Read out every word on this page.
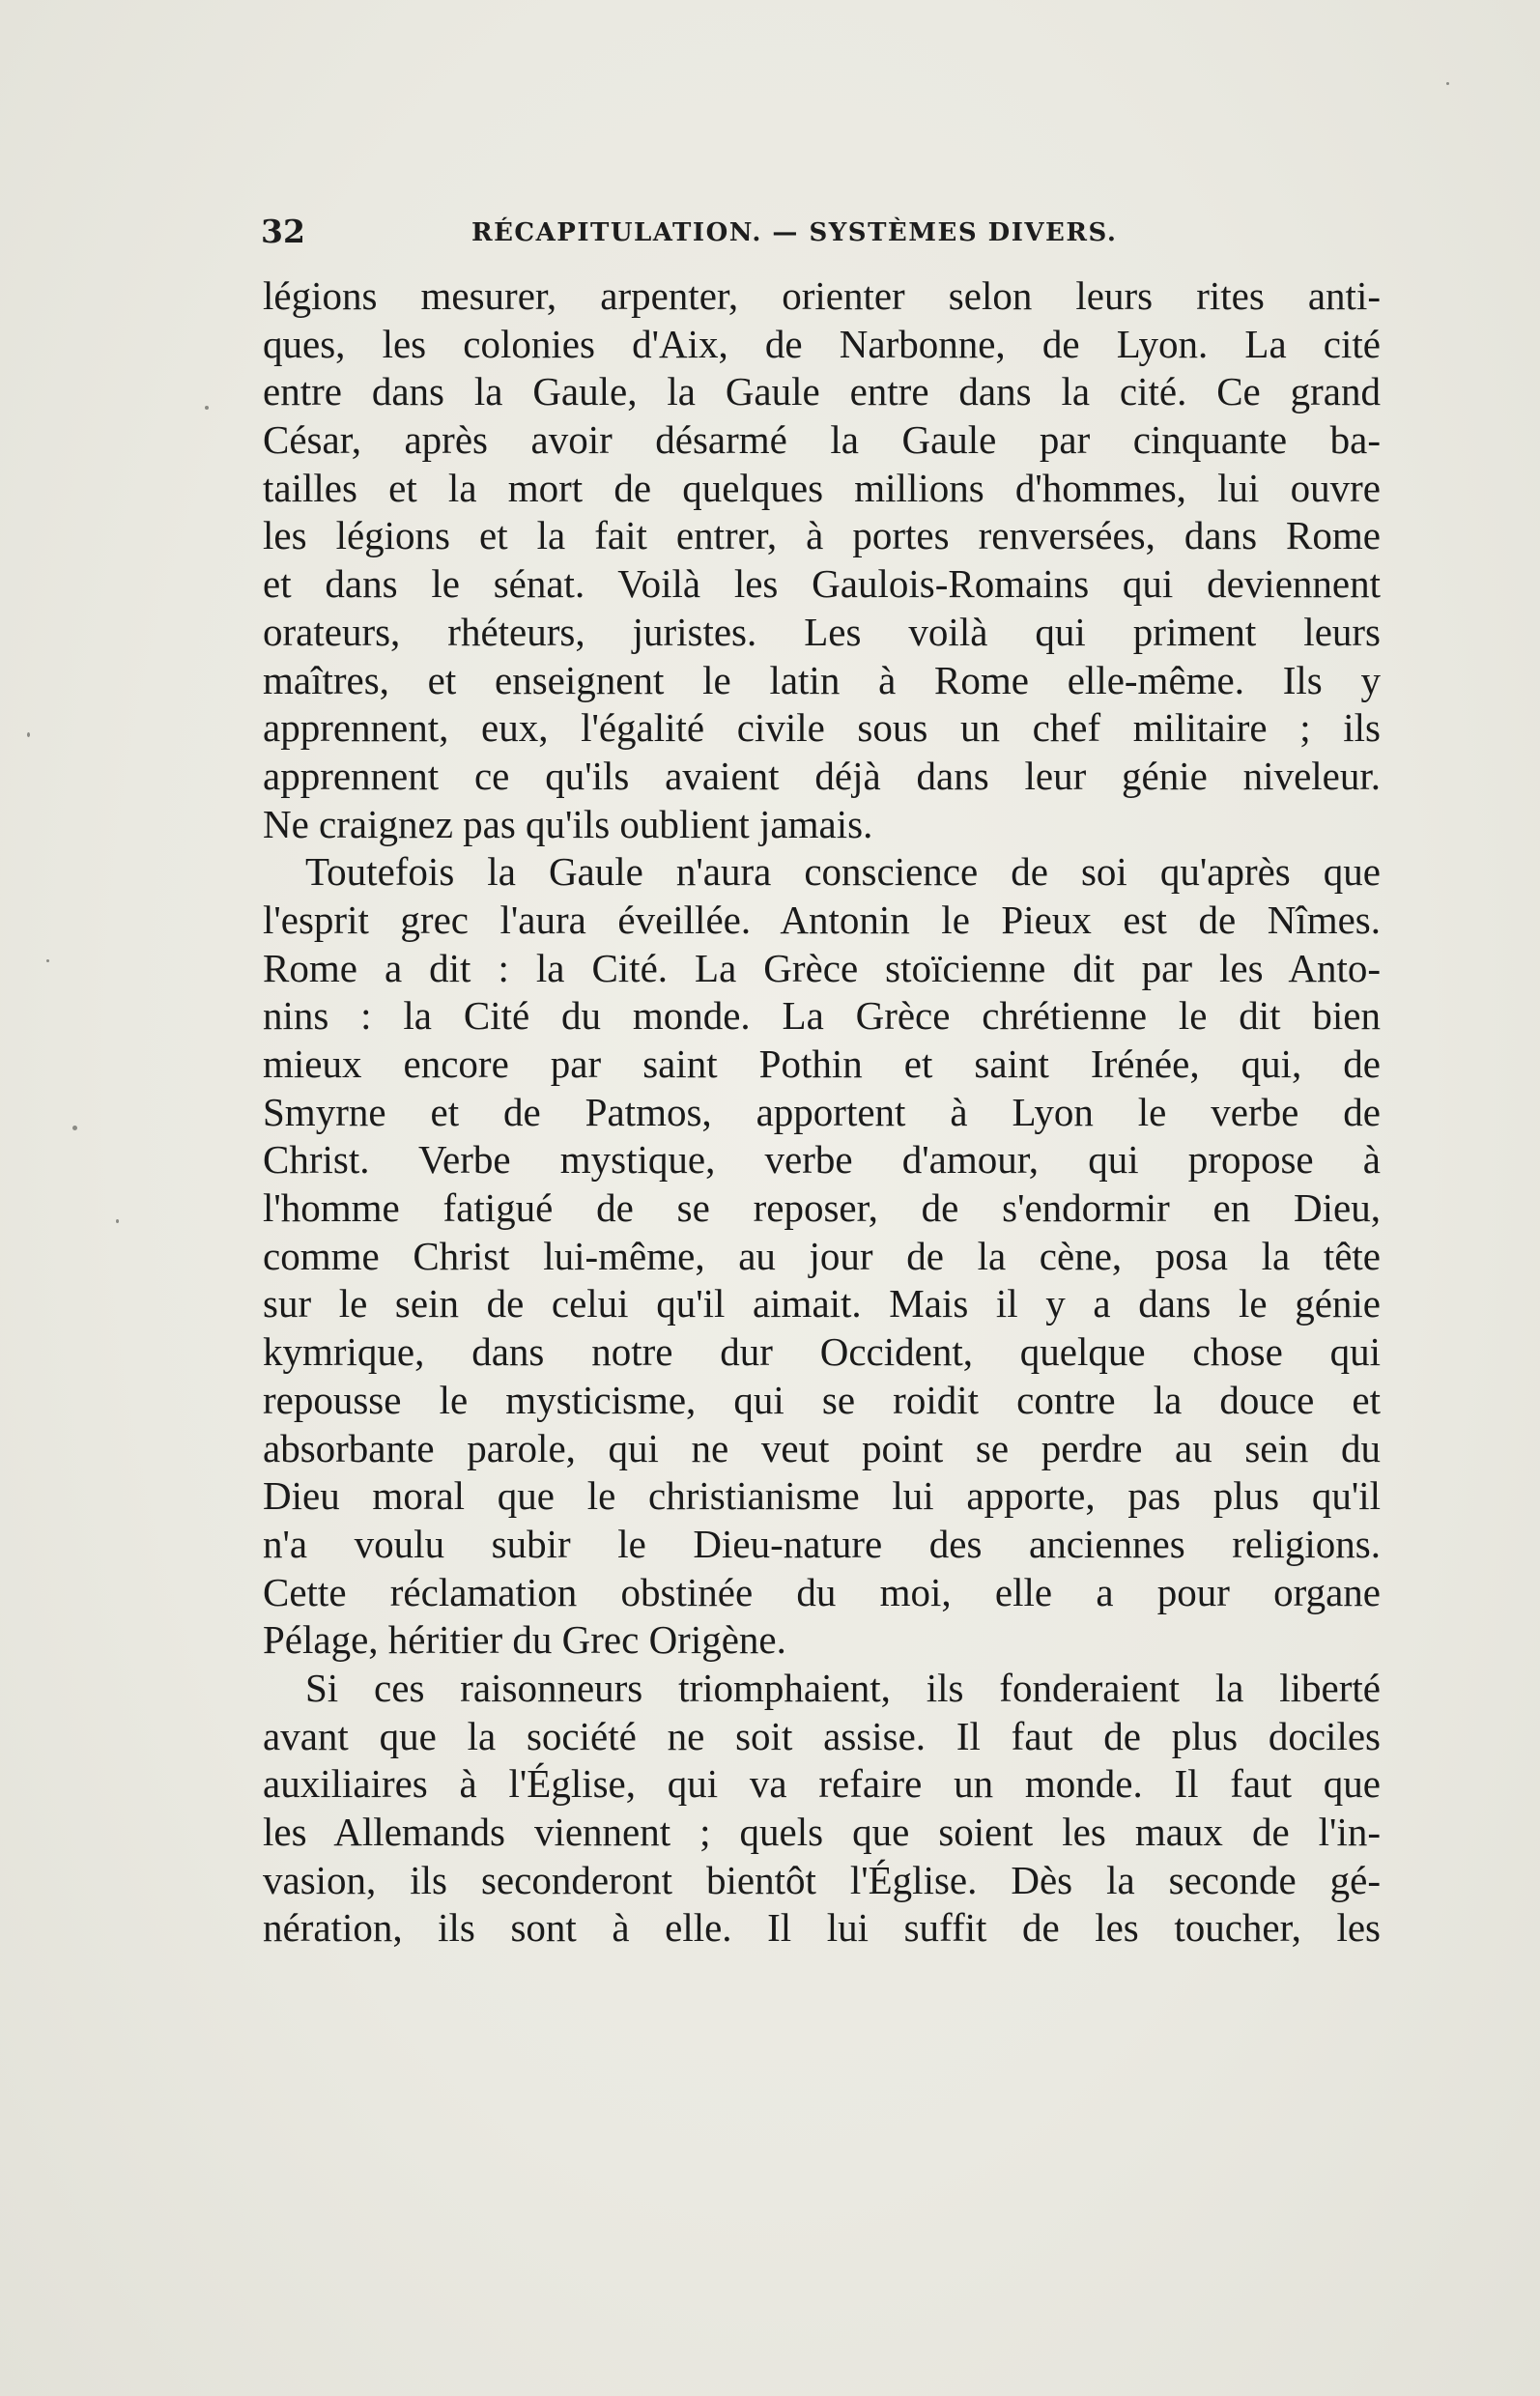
32	RÉCAPITULATION. — SYSTÈMES DIVERS.
légions mesurer, arpenter, orienter selon leurs rites anti-
ques, les colonies d'Aix, de Narbonne, de Lyon. La cité
entre dans la Gaule, la Gaule entre dans la cité. Ce grand
César, après avoir désarmé la Gaule par cinquante ba-
tailles et la mort de quelques millions d'hommes, lui ouvre
les légions et la fait entrer, à portes renversées, dans Rome
et dans le sénat. Voilà les Gaulois-Romains qui deviennent
orateurs, rhéteurs, juristes. Les voilà qui priment leurs
maîtres, et enseignent le latin à Rome elle-même. Ils y
apprennent, eux, l'égalité civile sous un chef militaire ; ils
apprennent ce qu'ils avaient déjà dans leur génie niveleur.
Ne craignez pas qu'ils oublient jamais.
Toutefois la Gaule n'aura conscience de soi qu'après que
l'esprit grec l'aura éveillée. Antonin le Pieux est de Nîmes.
Rome a dit : la Cité. La Grèce stoïcienne dit par les Anto-
nins : la Cité du monde. La Grèce chrétienne le dit bien
mieux encore par saint Pothin et saint Irénée, qui, de
Smyrne et de Patmos, apportent à Lyon le verbe de
Christ. Verbe mystique, verbe d'amour, qui propose à
l'homme fatigué de se reposer, de s'endormir en Dieu,
comme Christ lui-même, au jour de la cène, posa la tête
sur le sein de celui qu'il aimait. Mais il y a dans le génie
kymrique, dans notre dur Occident, quelque chose qui
repousse le mysticisme, qui se roidit contre la douce et
absorbante parole, qui ne veut point se perdre au sein du
Dieu moral que le christianisme lui apporte, pas plus qu'il
n'a voulu subir le Dieu-nature des anciennes religions.
Cette réclamation obstinée du moi, elle a pour organe
Pélage, héritier du Grec Origène.
Si ces raisonneurs triomphaient, ils fonderaient la liberté
avant que la société ne soit assise. Il faut de plus dociles
auxiliaires à l'Église, qui va refaire un monde. Il faut que
les Allemands viennent ; quels que soient les maux de l'in-
vasion, ils seconderont bientôt l'Église. Dès la seconde gé-
nération, ils sont à elle. Il lui suffit de les toucher, les
